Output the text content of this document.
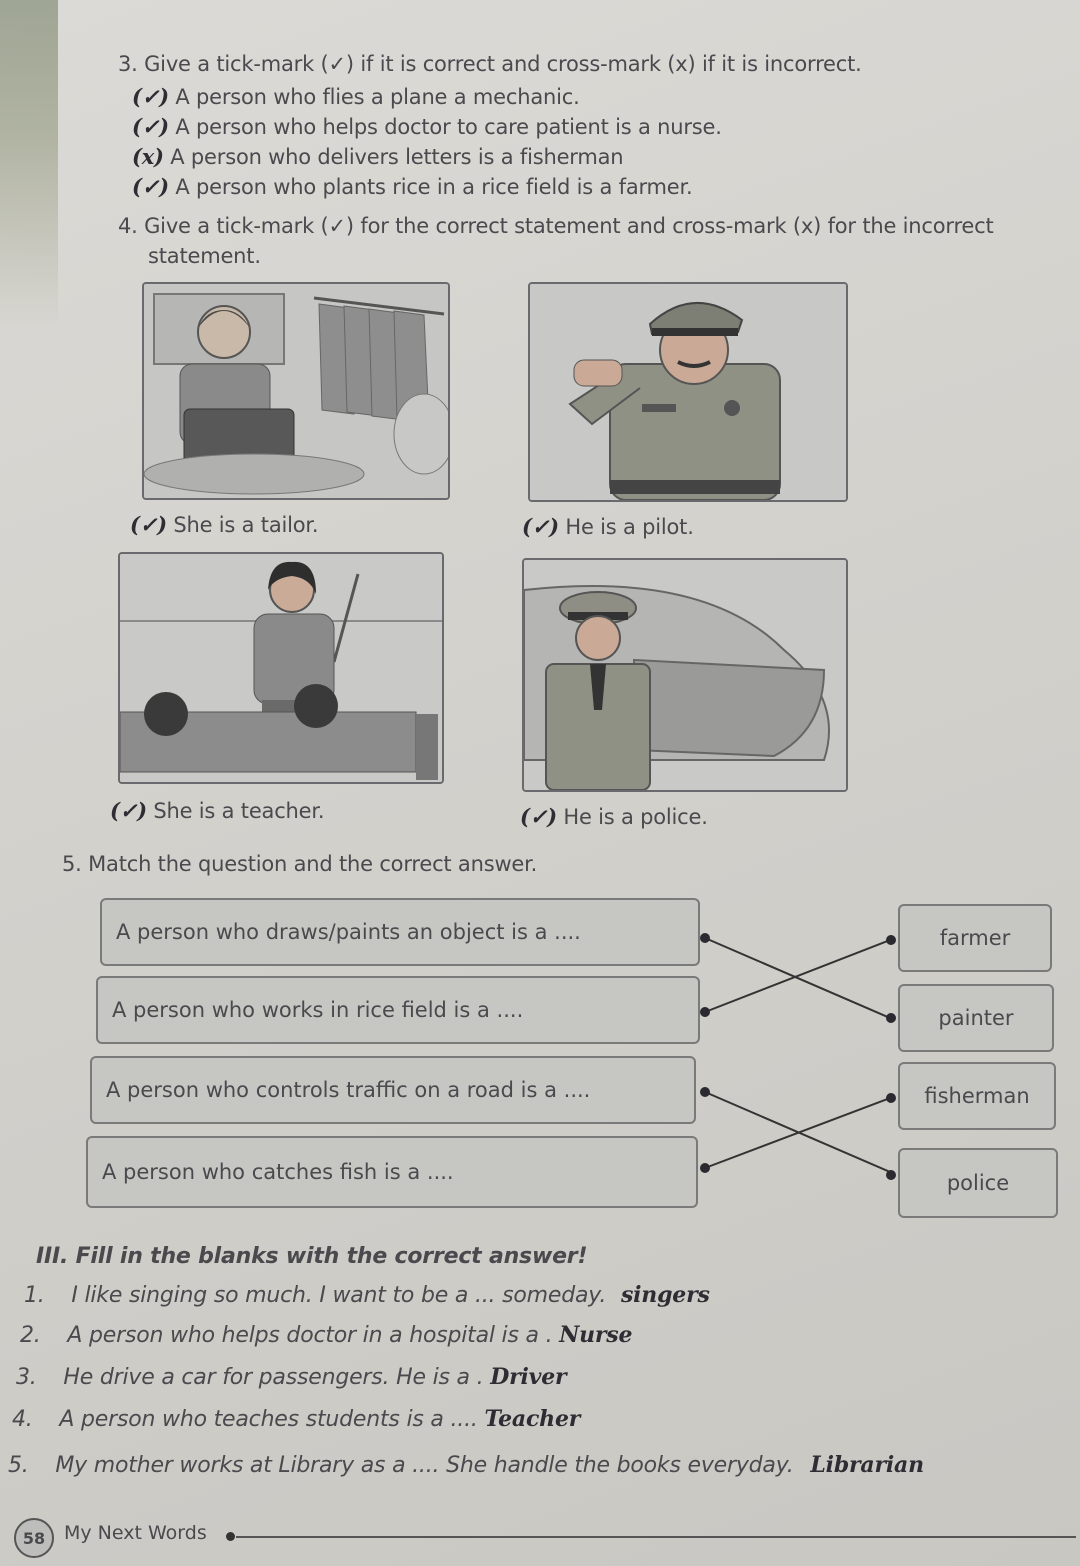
3. Give a tick-mark (✓) if it is correct and cross-mark (x) if it is incorrect.
(✓) A person who flies a plane a mechanic.
(✓) A person who helps doctor to care patient is a nurse.
(x) A person who delivers letters is a fisherman
(✓) A person who plants rice in a rice field is a farmer.
4. Give a tick-mark (✓) for the correct statement and cross-mark (x) for the incorrect
statement.
(✓) She is a tailor.	(✓) He is a pilot.
(✓) She is a teacher.	(✓) He is a police.
5. Match the question and the correct answer.
A person who draws/paints an object is a ....
A person who works in rice field is a ....
A person who controls traffic on a road is a ....
A person who catches fish is a ....
farmer
painter
fisherman
police
III. Fill in the blanks with the correct answer!
1. I like singing so much. I want to be a ... someday. singers
2. A person who helps doctor in a hospital is a . Nurse
3. He drive a car for passengers. He is a . Driver
4. A person who teaches students is a .... Teacher
5. My mother works at Library as a .... She handle the books everyday. Librarian
58 My Next Words
